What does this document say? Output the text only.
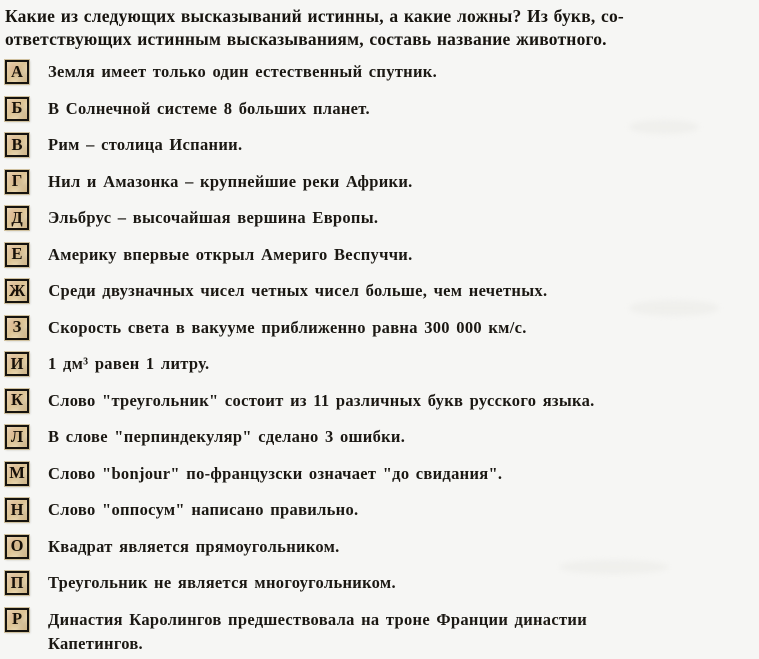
Какие из следующих высказываний истинны, а какие ложны? Из букв, со-
ответствующих истинным высказываниям, составь название животного.
А	Земля имеет только один естественный спутник.
Б	В Солнечной системе 8 больших планет.
В	Рим – столица Испании.
Г	Нил и Амазонка – крупнейшие реки Африки.
Д	Эльбрус – высочайшая вершина Европы.
Е	Америку впервые открыл Америго Веспуччи.
Ж Среди двузначных чисел четных чисел больше, чем нечетных.
З	Скорость света в вакууме приближенно равна 300 000 км/с.
И	1 дм³ равен 1 литру.
К	Слово "треугольник" состоит из 11 различных букв русского языка.
Л	В слове "перпиндекуляр" сделано 3 ошибки.
М Слово "bonjour" по-французски означает "до свидания".
Н	Слово "оппосум" написано правильно.
О	Квадрат является прямоугольником.
П	Треугольник не является многоугольником.
Р	Династия Каролингов предшествовала на троне Франции династии Капетингов.
